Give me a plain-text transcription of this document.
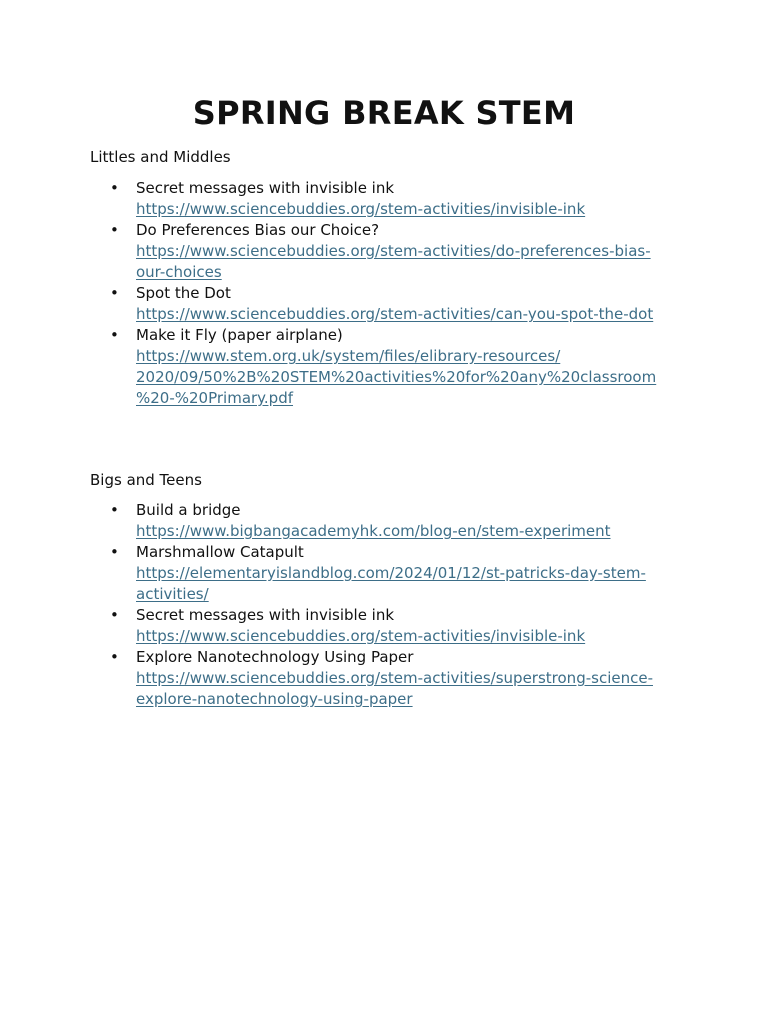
SPRING BREAK STEM
Littles and Middles
• Secret messages with invisible ink
https://www.sciencebuddies.org/stem-activities/invisible-ink
• Do Preferences Bias our Choice?
https://www.sciencebuddies.org/stem-activities/do-preferences-bias-
our-choices
• Spot the Dot
https://www.sciencebuddies.org/stem-activities/can-you-spot-the-dot
• Make it Fly (paper airplane)
https://www.stem.org.uk/system/files/elibrary-resources/
2020/09/50%2B%20STEM%20activities%20for%20any%20classroom
%20-%20Primary.pdf
Bigs and Teens
• Build a bridge
https://www.bigbangacademyhk.com/blog-en/stem-experiment
• Marshmallow Catapult
https://elementaryislandblog.com/2024/01/12/st-patricks-day-stem-
activities/
• Secret messages with invisible ink
https://www.sciencebuddies.org/stem-activities/invisible-ink
• Explore Nanotechnology Using Paper
https://www.sciencebuddies.org/stem-activities/superstrong-science-
explore-nanotechnology-using-paper
